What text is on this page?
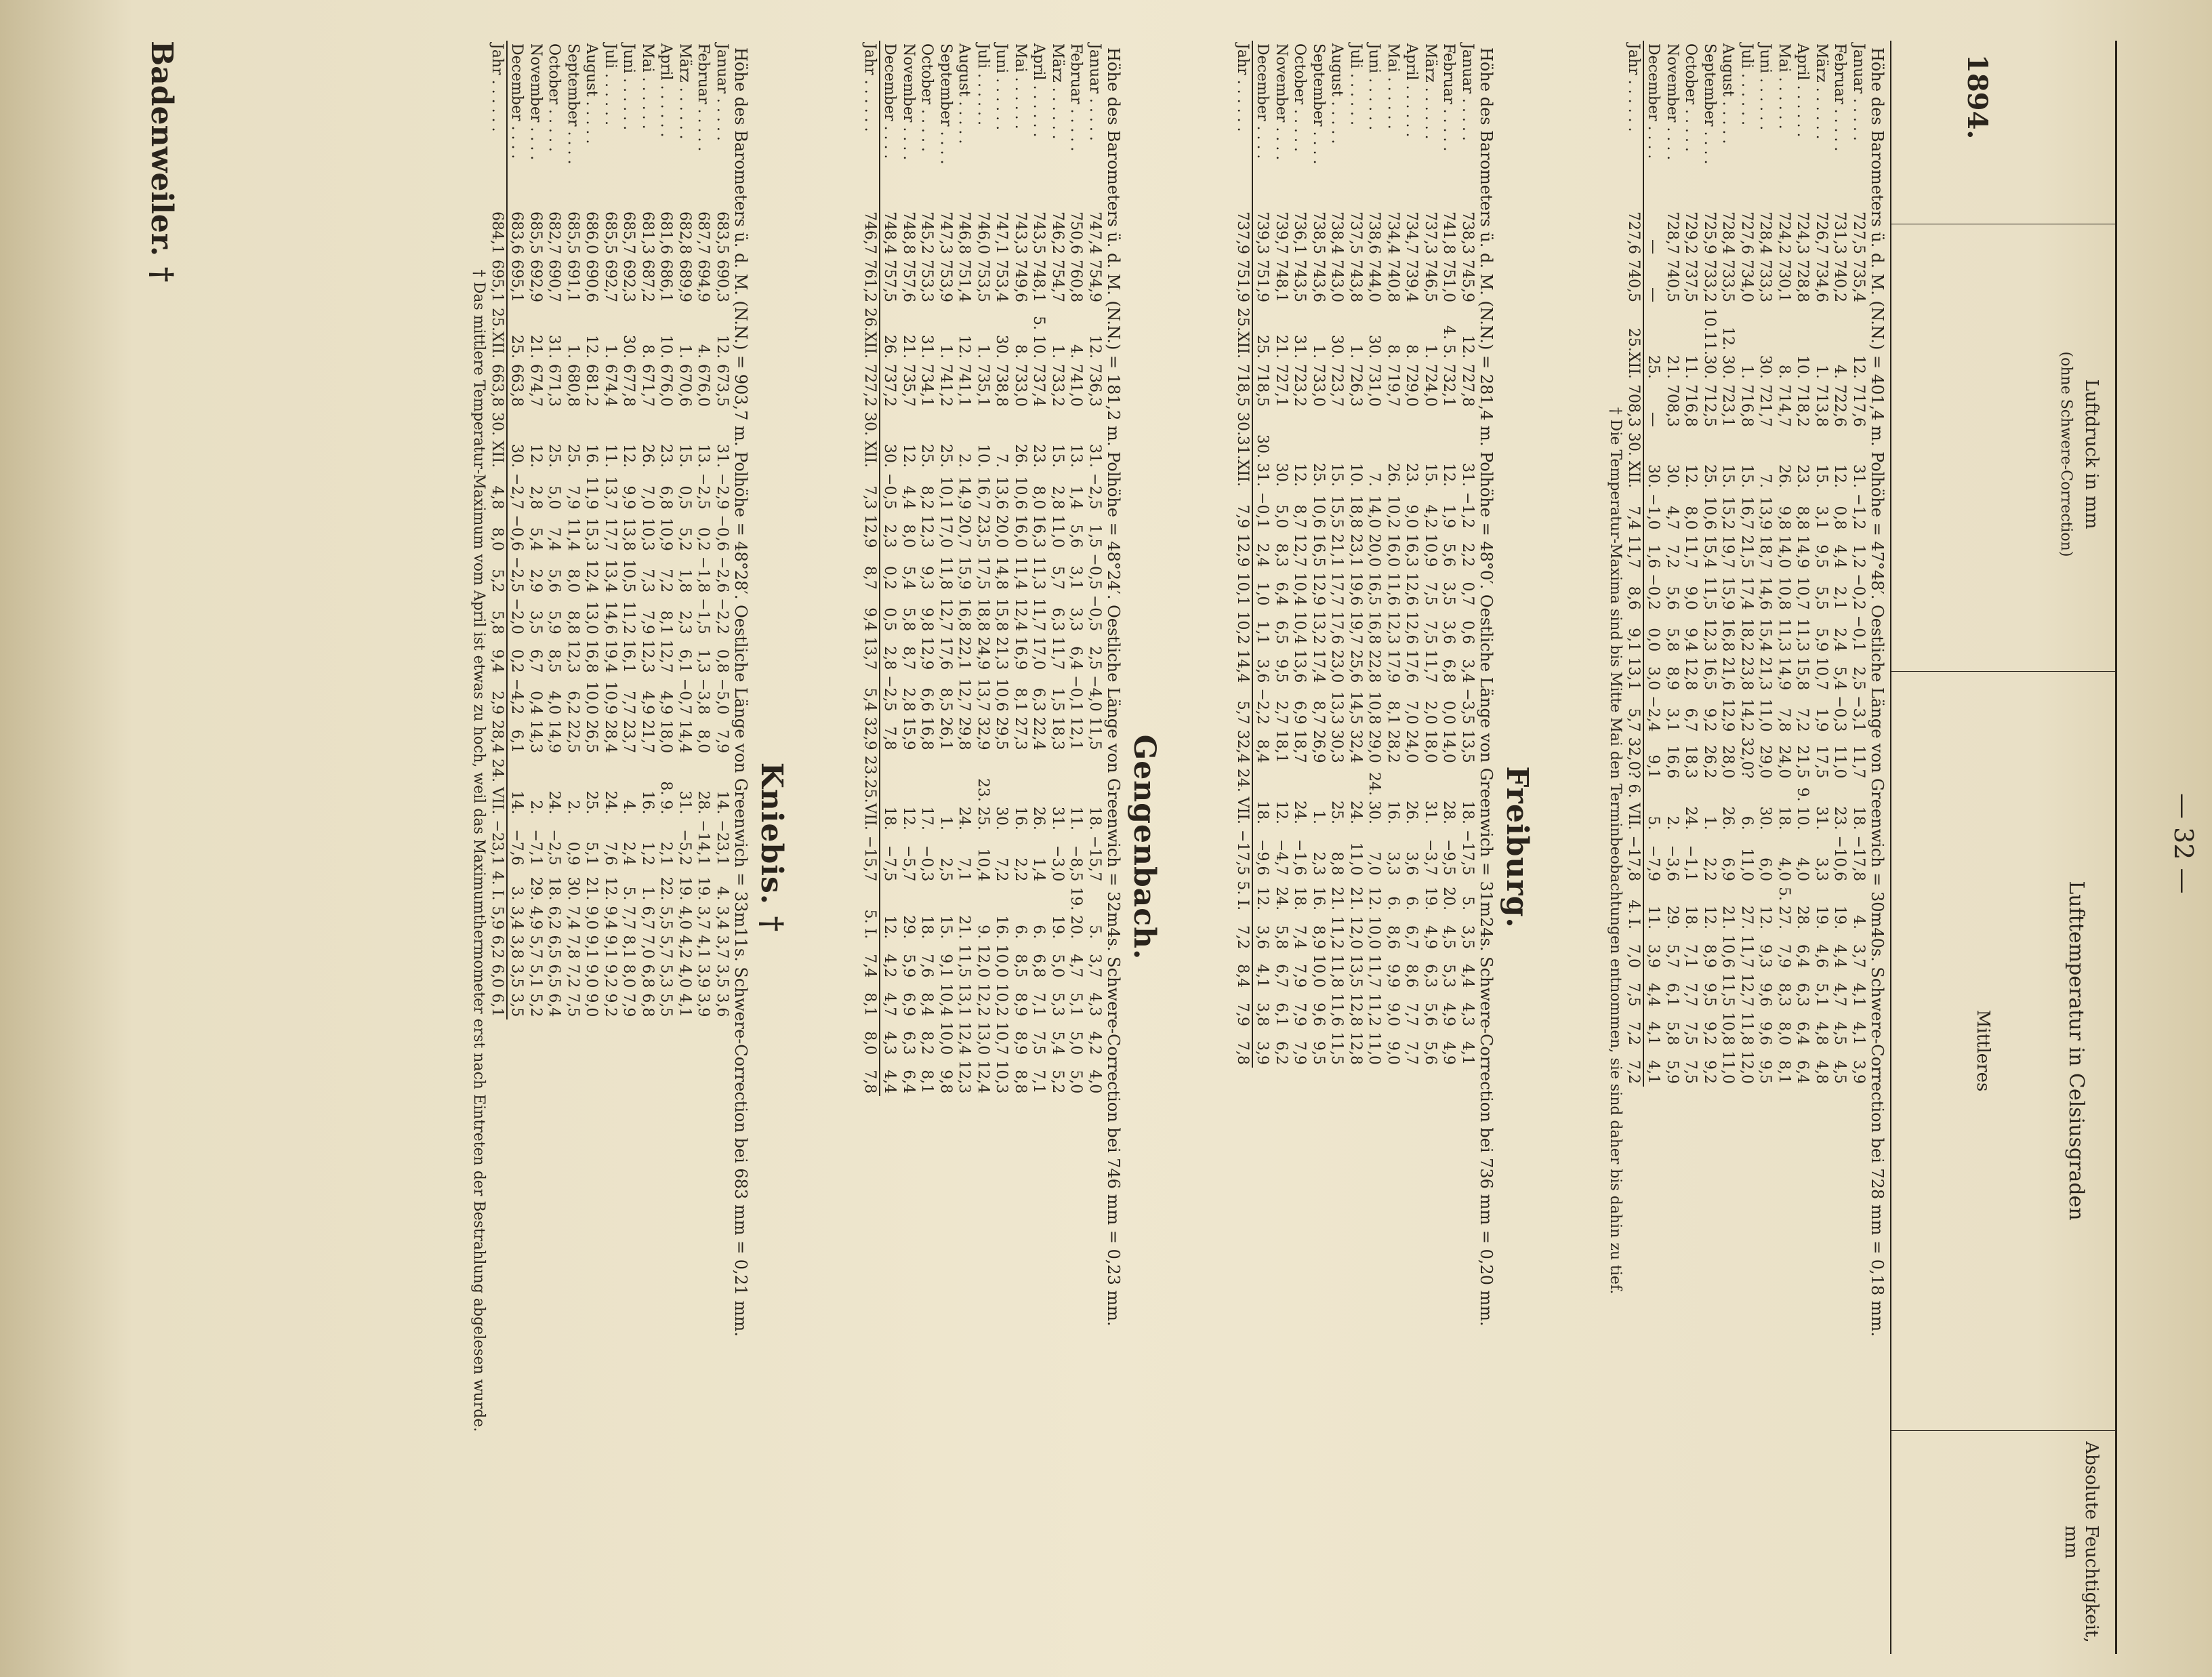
— 32 —
1894.
Luftdruck in mm
(ohne Schwere-Correction)
Lufttemperatur in Celsiusgraden
Absolute Feuchtigkeit, mm
Mittleres
Höhe des Barometers ü. d. M. (N.N.) = 401,4 m. Polhöhe = 47°48′. Oestliche Länge von Greenwich = 30m40s. Schwere-Correction bei 728 mm = 0,18 mm.
Januar . . . . .	727,5	735,4	12.	717,6	31.	−1,2	1,2	−0,2	−0,1	2,5	−3,1	11,7	18.	−17,8	4.	3,7	4,1	4,1	3,9
Februar . . . . .	731,3	740,2	4.	722,6	12.	0,8	4,4	2,1	2,4	5,4	−0,3	11,0	23.	−10,6	19.	4,4	4,7	4,5	4,5
März . . . . . .	726,7	734,6	1.	713,8	15.	3,1	9,5	5,5	5,9	10,7	1,9	17,5	31.	3,3	19.	4,6	5,1	4,8	4,8
April . . . . . .	724,3	728,8	10.	718,2	23.	8,8	14,9	10,7	11,3	15,8	7,2	21,5	9. 10.	4,0	28.	6,4	6,3	6,4	6,4
Mai . . . . . .	724,2	730,1	8.	714,7	26.	9,8	14,0	10,8	11,3	14,9	7,8	24,0	18.	4,0	5. 27.	7,9	8,3	8,0	8,1
Juni . . . . . .	728,4	733,3	30.	721,7	7.	13,9	18,7	14,6	15,4	21,3	11,0	29,0	30.	6,0	12.	9,3	9,6	9,6	9,5
Juli . . . . . .	727,6	734,0	1.	716,8	15.	16,7	21,5	17,4	18,2	23,8	14,2	32,0?	6.	11,0	27.	11,7	12,7	11,8	12,0
August . . . . .	728,4	733,5	12. 30.	723,1	15.	15,2	19,7	15,9	16,8	21,6	12,9	28,0	26.	6,9	21.	10,6	11,5	10,8	11,0
September . . . .	725,9	733,2	10.11.30.	712,5	25.	10,6	15,4	11,5	12,3	16,5	9,2	26,2	1.	2,2	12.	8,9	9,5	9,2	9,2
October . . . . .	729,2	737,5	11.	716,8	12.	8,0	11,7	9,0	9,4	12,8	6,7	18,3	24.	−1,1	18.	7,1	7,7	7,5	7,5
November . . . .	728,7	740,5	21.	708,3	30.	4,7	7,2	5,6	5,8	8,9	3,1	16,6	2.	−3,6	29.	5,7	6,1	5,8	5,9
December . . . .	—	—	25.	—	30.	−1,0	1,6	−0,2	0,0	3,0	−2,4	9,1	5.	−7,9	11.	3,9	4,4	4,1	4,1
Jahr . . . . . .	727,6	740,5	25.XII.	708,3	30. XII.	7,4	11,7	8,6	9,1	13,1	5,7	32,0?	6. VII.	−17,8	4. I.	7,0	7,5	7,2	7,2
† Die Temperatur-Maxima sind bis Mitte Mai den Terminbeobachtungen entnommen, sie sind daher bis dahin zu tief.
Freiburg.
Höhe des Barometers ü. d. M. (N.N.) = 281,4 m. Polhöhe = 48°0′. Oestliche Länge von Greenwich = 31m24s. Schwere-Correction bei 736 mm = 0,20 mm.
Januar . . . . .	738,3	745,9	12.	727,8	31.	−1,2	2,2	0,7	0,6	3,4	−3,5	13,5	18.	−17,5	5.	3,5	4,4	4,3	4,1
Februar . . . . .	741,8	751,0	4. 5.	732,1	12.	1,9	5,6	3,5	3,6	6,8	0,0	14,0	28.	−9,5	20.	4,5	5,3	4,9	4,9
März . . . . . .	737,3	746,5	1.	724,0	15.	4,2	10,9	7,5	7,5	11,7	2,0	18,0	31.	−3,7	19.	4,9	6,3	5,6	5,6
April . . . . . .	734,7	739,4	8.	729,0	23.	9,0	16,3	12,6	12,6	17,6	7,0	24,0	26.	3,6	6.	6,7	8,6	7,7	7,7
Mai . . . . . .	734,4	740,8	8.	719,7	26.	10,2	16,0	11,6	12,3	17,9	8,1	28,2	16.	3,3	6.	8,6	9,9	9,0	9,0
Juni . . . . . .	738,6	744,0	30.	731,0	7.	14,0	20,0	16,5	16,8	22,8	10,8	29,0	24. 30.	7,0	12.	10,0	11,7	11,2	11,0
Juli . . . . . .	737,5	743,8	1.	726,3	10.	18,8	23,1	19,6	19,7	25,6	14,5	32,4	24.	11,0	21.	12,0	13,5	12,8	12,8
August . . . . .	738,4	743,0	30.	723,7	15.	15,5	21,1	17,7	17,6	23,0	13,3	30,3	25.	8,8	21.	11,2	11,8	11,6	11,5
September . . . .	738,5	743,6	1.	733,0	25.	10,6	16,5	12,9	13,2	17,4	8,7	26,9	1.	2,3	16.	8,9	10,0	9,6	9,5
October . . . . .	736,1	743,5	31.	723,2	12.	8,7	12,7	10,4	10,4	13,6	6,9	18,7	24.	−1,6	18.	7,4	7,9	7,9	7,9
November . . . .	739,7	748,1	21.	727,1	30.	5,0	8,3	6,4	6,5	9,5	2,7	18,1	12.	−4,7	24.	5,8	6,7	6,1	6,2
December . . . .	739,3	751,9	25.	718,5	30. 31.	−0,1	2,4	1,0	1,1	3,6	−2,2	8,4	18.	−9,6	12.	3,6	4,1	3,8	3,9
Jahr . . . . . .	737,9	751,9	25.XII.	718,5	30.31.XII.	7,9	12,9	10,1	10,2	14,4	5,7	32,4	24. VII.	−17,5	5. I.	7,2	8,4	7,9	7,8
Gengenbach.
Höhe des Barometers ü. d. M. (N.N.) = 181,2 m. Polhöhe = 48°24′. Oestliche Länge von Greenwich = 32m4s. Schwere-Correction bei 746 mm = 0,23 mm.
Januar . . . . .	747,4	754,9	12.	736,3	31.	−2,5	1,5	−0,5	−0,5	2,5	−4,0	11,5	18.	−15,7	5.	3,7	4,3	4,2	4,0
Februar . . . . .	750,6	760,8	4.	741,0	13.	1,4	5,6	3,1	3,3	6,4	−0,1	12,1	11.	−8,5	19. 20.	4,7	5,1	5,0	5,0
März . . . . . .	746,2	754,7	1.	733,2	15.	2,8	11,0	5,7	6,3	11,7	1,5	18,3	31.	−3,0	19.	5,0	5,3	5,4	5,2
April . . . . . .	743,5	748,1	5. 10.	737,4	23.	8,0	16,3	11,3	11,7	17,0	6,3	22,4	26.	1,4	6.	6,8	7,1	7,5	7,1
Mai . . . . . .	743,3	749,6	8.	733,0	26.	10,6	16,0	11,4	12,4	16,9	8,1	27,3	16.	2,2	6.	8,5	8,9	8,9	8,8
Juni . . . . . .	747,1	753,4	30.	738,8	7.	13,6	20,0	14,8	15,8	21,3	10,6	29,5	30.	7,2	16.	10,0	10,2	10,7	10,3
Juli . . . . . .	746,0	753,5	1.	735,1	10.	16,7	23,5	17,5	18,8	24,9	13,7	32,9	23. 25.	10,4	9.	12,0	12,2	13,0	12,4
August . . . . .	746,8	751,4	12.	741,1	2.	14,9	20,7	15,9	16,8	22,1	12,7	29,8	24.	7,1	21.	11,5	13,1	12,4	12,3
September . . . .	747,3	753,9	1.	741,2	25.	10,1	17,0	11,8	12,7	17,6	8,5	26,1	1.	2,5	15.	9,1	10,4	10,0	9,8
October . . . . .	745,2	753,3	31.	734,1	25.	8,2	12,3	9,3	9,8	12,9	6,6	16,8	17.	−0,3	18.	7,6	8,4	8,2	8,1
November . . . .	748,8	757,6	21.	735,7	12.	4,4	8,0	5,4	5,8	8,7	2,8	15,9	12.	−5,7	29.	5,9	6,9	6,3	6,4
December . . . .	748,4	757,5	26.	737,2	30.	−0,5	2,3	0,2	0,5	2,8	−2,5	7,8	18.	−7,5	12.	4,2	4,7	4,3	4,4
Jahr . . . . . .	746,7	761,2	26.XII.	727,2	30. XII.	7,3	12,9	8,7	9,4	13,7	5,4	32,9	23.25.VII.	−15,7	5. I.	7,4	8,1	8,0	7,8
Kniebis. †
Höhe des Barometers ü. d. M. (N.N.) = 903,7 m. Polhöhe = 48°28′. Oestliche Länge von Greenwich = 33m11s. Schwere-Correction bei 683 mm = 0,21 mm.
Januar . . . . .	683,5	690,3	12.	673,5	31.	−2,9	−0,6	−2,6	−2,2	0,8	−5,0	7,9	14.	−23,1	4.	3,4	3,7	3,5	3,6
Februar . . . . .	687,7	694,9	4.	676,0	13.	−2,5	0,2	−1,8	−1,5	1,3	−3,8	8,0	28.	−14,1	19.	3,7	4,1	3,9	3,9
März . . . . . .	682,8	689,9	1.	670,6	15.	0,5	5,2	1,8	2,3	6,1	−0,7	14,4	31.	−5,2	19.	4,0	4,2	4,0	4,1
April . . . . . .	681,6	686,1	10.	676,0	23.	6,8	10,9	7,2	8,1	12,7	4,9	18,0	8. 9.	2,1	22.	5,5	5,7	5,3	5,5
Mai . . . . . .	681,3	687,2	8.	671,7	26.	7,0	10,3	7,3	7,9	12,3	4,9	21,7	16.	1,2	1.	6,7	7,0	6,8	6,8
Juni . . . . . .	685,7	692,3	30.	677,8	12.	9,9	13,8	10,5	11,2	16,1	7,7	23,7	4.	2,4	5.	7,7	8,1	8,0	7,9
Juli . . . . . .	685,5	692,7	1.	674,4	11.	13,7	17,7	13,4	14,6	19,4	10,9	28,4	24.	7,6	12.	9,4	9,1	9,2	9,2
August . . . . .	686,0	690,6	12.	681,2	16.	11,9	15,3	12,4	13,0	16,8	10,0	26,5	25.	5,1	21.	9,0	9,1	9,0	9,0
September . . . .	685,5	691,1	1.	680,8	25.	7,9	11,4	8,0	8,8	12,3	6,2	22,5	2.	0,9	30.	7,4	7,8	7,2	7,5
October . . . . .	682,7	690,7	31.	671,3	25.	5,0	7,4	5,6	5,9	8,5	4,0	14,9	24.	−2,5	18.	6,2	6,5	6,5	6,4
November . . . .	685,5	692,9	21.	674,7	12.	2,8	5,4	2,9	3,5	6,7	0,4	14,3	2.	−7,1	29.	4,9	5,7	5,1	5,2
December . . . .	683,6	695,1	25.	663,8	30.	−2,7	−0,6	−2,5	−2,0	0,2	−4,2	6,1	14.	−7,6	3.	3,4	3,8	3,5	3,5
Jahr . . . . . .	684,1	695,1	25.XII.	663,8	30. XII.	4,8	8,0	5,2	5,8	9,4	2,9	28,4	24. VII.	−23,1	4. I.	5,9	6,2	6,0	6,1
† Das mittlere Temperatur-Maximum vom April ist etwas zu hoch, weil das Maximumthermometer erst nach Eintreten der Bestrahlung abgelesen wurde.
Badenweiler. †
